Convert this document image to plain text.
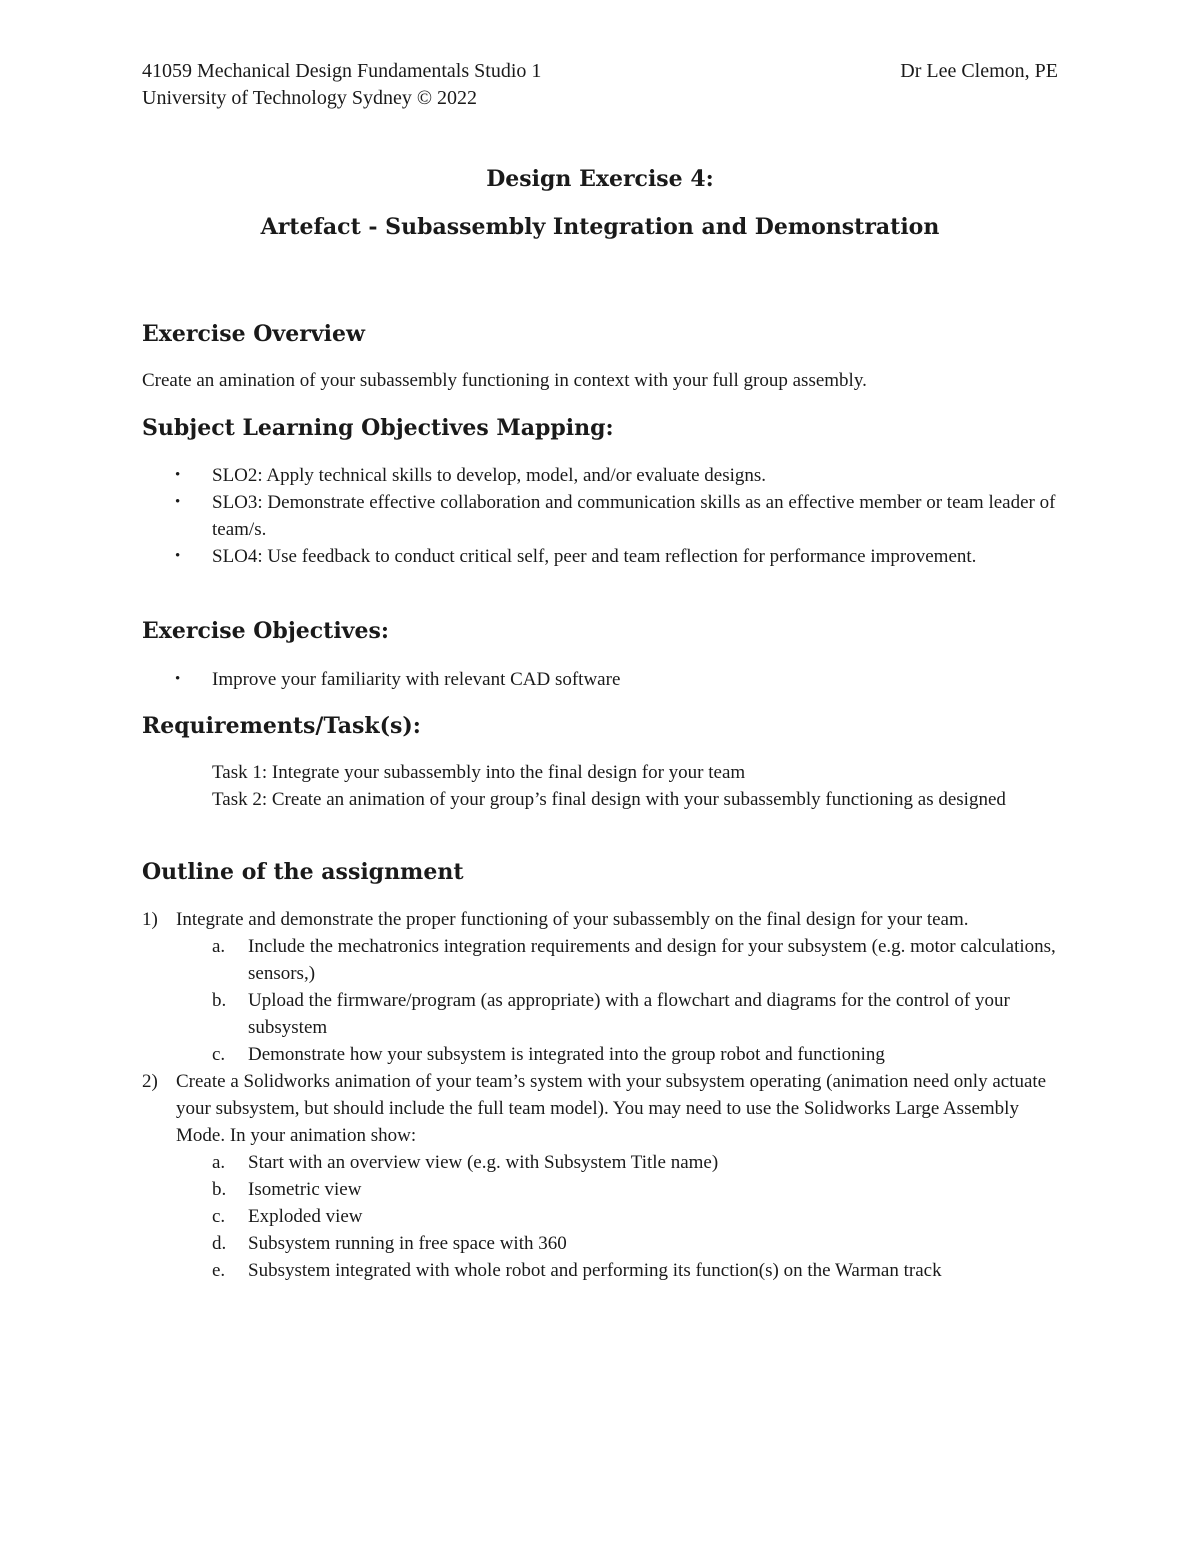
41059 Mechanical Design Fundamentals Studio 1
University of Technology Sydney © 2022
Dr Lee Clemon, PE
Design Exercise 4:
Artefact - Subassembly Integration and Demonstration
Exercise Overview
Create an amination of your subassembly functioning in context with your full group assembly.
Subject Learning Objectives Mapping:
• SLO2: Apply technical skills to develop, model, and/or evaluate designs.
• SLO3: Demonstrate effective collaboration and communication skills as an effective member or team leader of team/s.
• SLO4: Use feedback to conduct critical self, peer and team reflection for performance improvement.
Exercise Objectives:
• Improve your familiarity with relevant CAD software
Requirements/Task(s):
Task 1: Integrate your subassembly into the final design for your team
Task 2: Create an animation of your group’s final design with your subassembly functioning as designed
Outline of the assignment
1) Integrate and demonstrate the proper functioning of your subassembly on the final design for your team.
a. Include the mechatronics integration requirements and design for your subsystem (e.g. motor calculations, sensors,)
b. Upload the firmware/program (as appropriate) with a flowchart and diagrams for the control of your subsystem
c. Demonstrate how your subsystem is integrated into the group robot and functioning
2) Create a Solidworks animation of your team’s system with your subsystem operating (animation need only actuate your subsystem, but should include the full team model). You may need to use the Solidworks Large Assembly Mode. In your animation show:
a. Start with an overview view (e.g. with Subsystem Title name)
b. Isometric view
c. Exploded view
d. Subsystem running in free space with 360
e. Subsystem integrated with whole robot and performing its function(s) on the Warman track
